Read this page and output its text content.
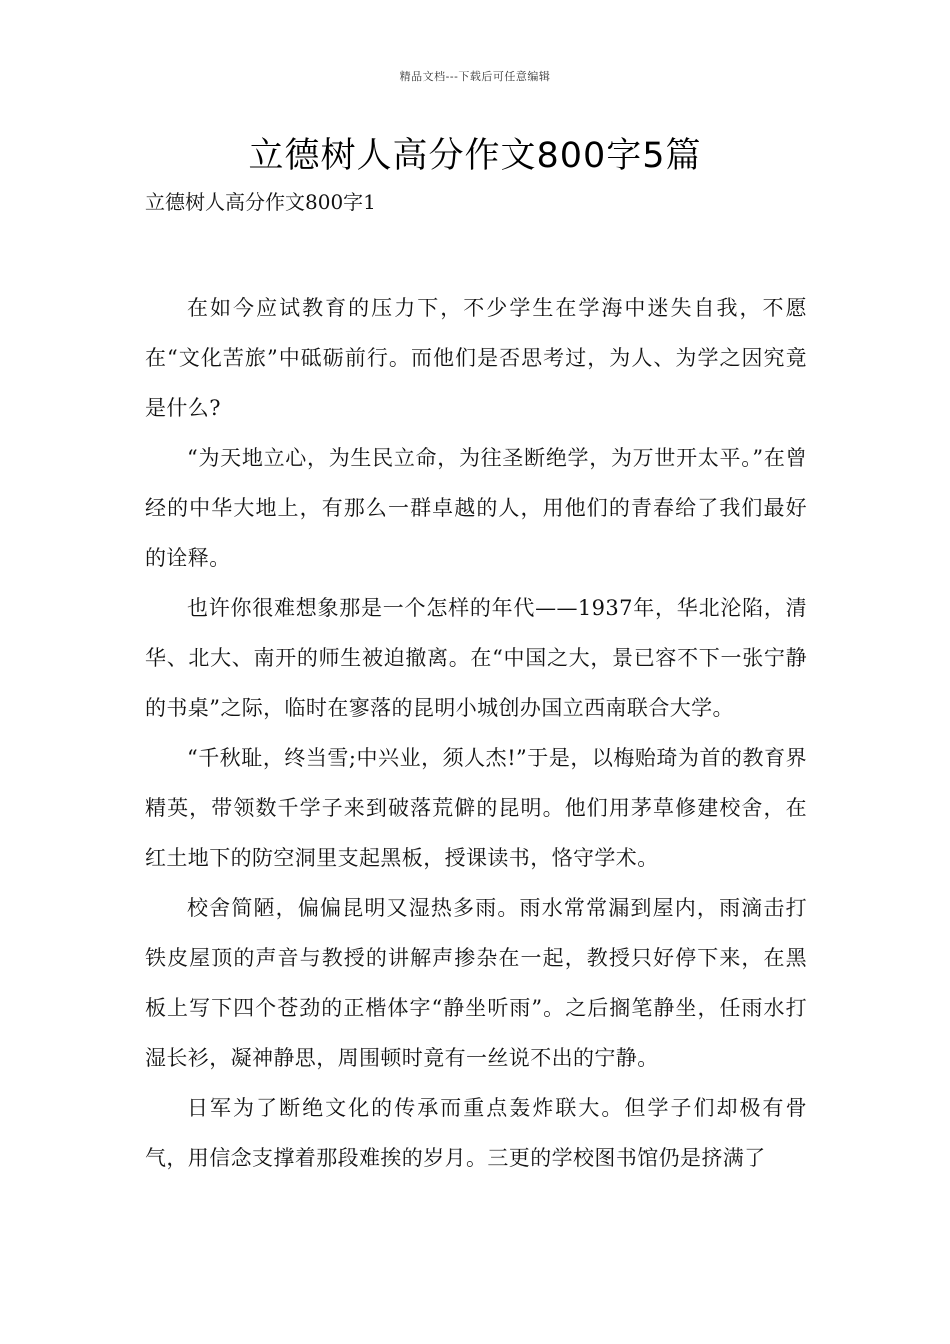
精品文档---下载后可任意编辑
立德树人高分作文800字5篇
立德树人高分作文800字1

在如今应试教育的压力下，不少学生在学海中迷失自我，不愿在“文化苦旅”中砥砺前行。而他们是否思考过，为人、为学之因究竟是什么?

“为天地立心，为生民立命，为往圣断绝学，为万世开太平。”在曾经的中华大地上，有那么一群卓越的人，用他们的青春给了我们最好的诠释。

也许你很难想象那是一个怎样的年代——1937年，华北沦陷，清华、北大、南开的师生被迫撤离。在“中国之大，景已容不下一张宁静的书桌”之际，临时在寥落的昆明小城创办国立西南联合大学。

“千秋耻，终当雪;中兴业，须人杰!”于是，以梅贻琦为首的教育界精英，带领数千学子来到破落荒僻的昆明。他们用茅草修建校舍，在红土地下的防空洞里支起黑板，授课读书，恪守学术。

校舍简陋，偏偏昆明又湿热多雨。雨水常常漏到屋内，雨滴击打铁皮屋顶的声音与教授的讲解声掺杂在一起，教授只好停下来，在黑板上写下四个苍劲的正楷体字“静坐听雨”。之后搁笔静坐，任雨水打湿长衫，凝神静思，周围顿时竟有一丝说不出的宁静。

日军为了断绝文化的传承而重点轰炸联大。但学子们却极有骨气，用信念支撑着那段难挨的岁月。三更的学校图书馆仍是挤满了
